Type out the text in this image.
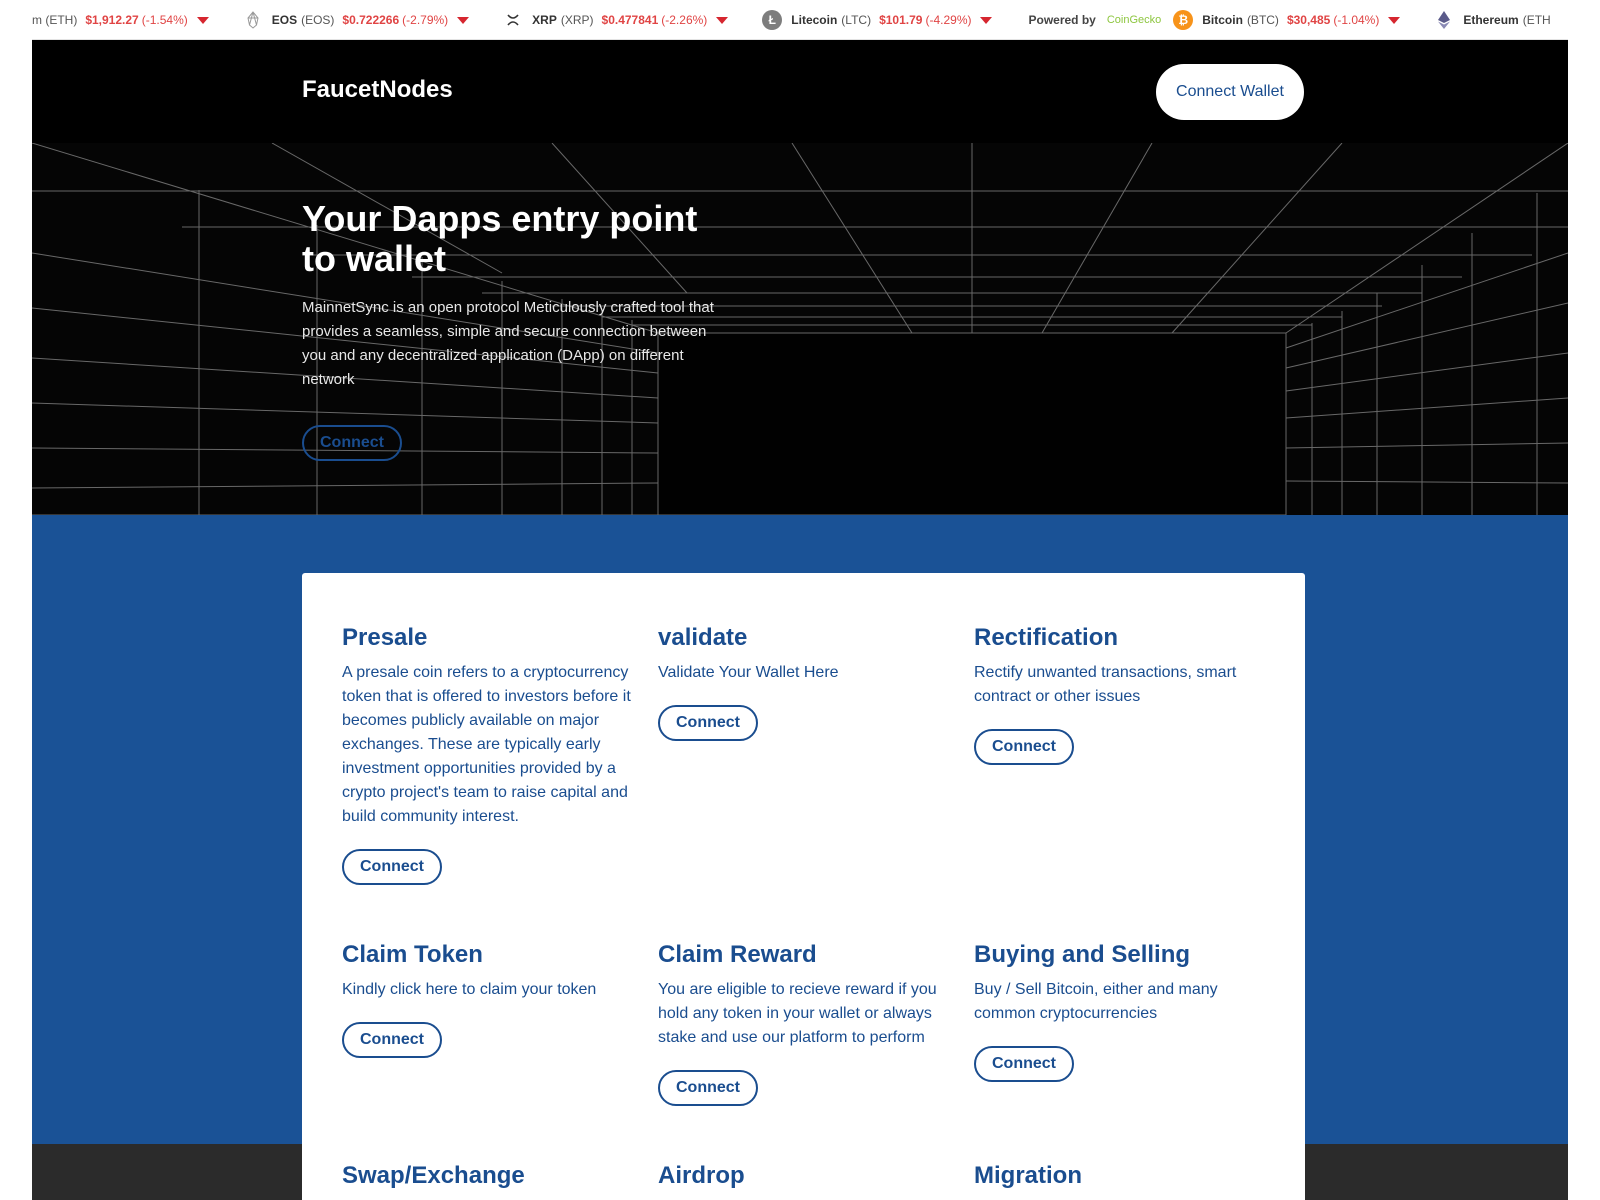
m (ETH) $1,912.27 (-1.54%)	EOS (EOS) $0.722266 (-2.79%)	XRP (XRP) $0.477841 (-2.26%)	Ł	Litecoin (LTC) $101.79 (-4.29%)	Powered by CoinGecko	₿	Bitcoin (BTC) $30,485 (-1.04%)	Ethereum (ETH
FaucetNodes	Connect Wallet
Your Dapps entry point to wallet

MainnetSync is an open protocol Meticulously crafted tool that provides a seamless, simple and secure connection between you and any decentralized application (DApp) on different network

Connect
Presale

A presale coin refers to a cryptocurrency token that is offered to investors before it becomes publicly available on major exchanges. These are typically early investment opportunities provided by a crypto project's team to raise capital and build community interest.

Connect
validate

Validate Your Wallet Here

Connect
Rectification

Rectify unwanted transactions, smart contract or other issues

Connect
Claim Token

Kindly click here to claim your token

Connect
Claim Reward

You are eligible to recieve reward if you hold any token in your wallet or always stake and use our platform to perform

Connect
Buying and Selling

Buy / Sell Bitcoin, either and many common cryptocurrencies

Connect
Swap/Exchange	Airdrop	Migration
